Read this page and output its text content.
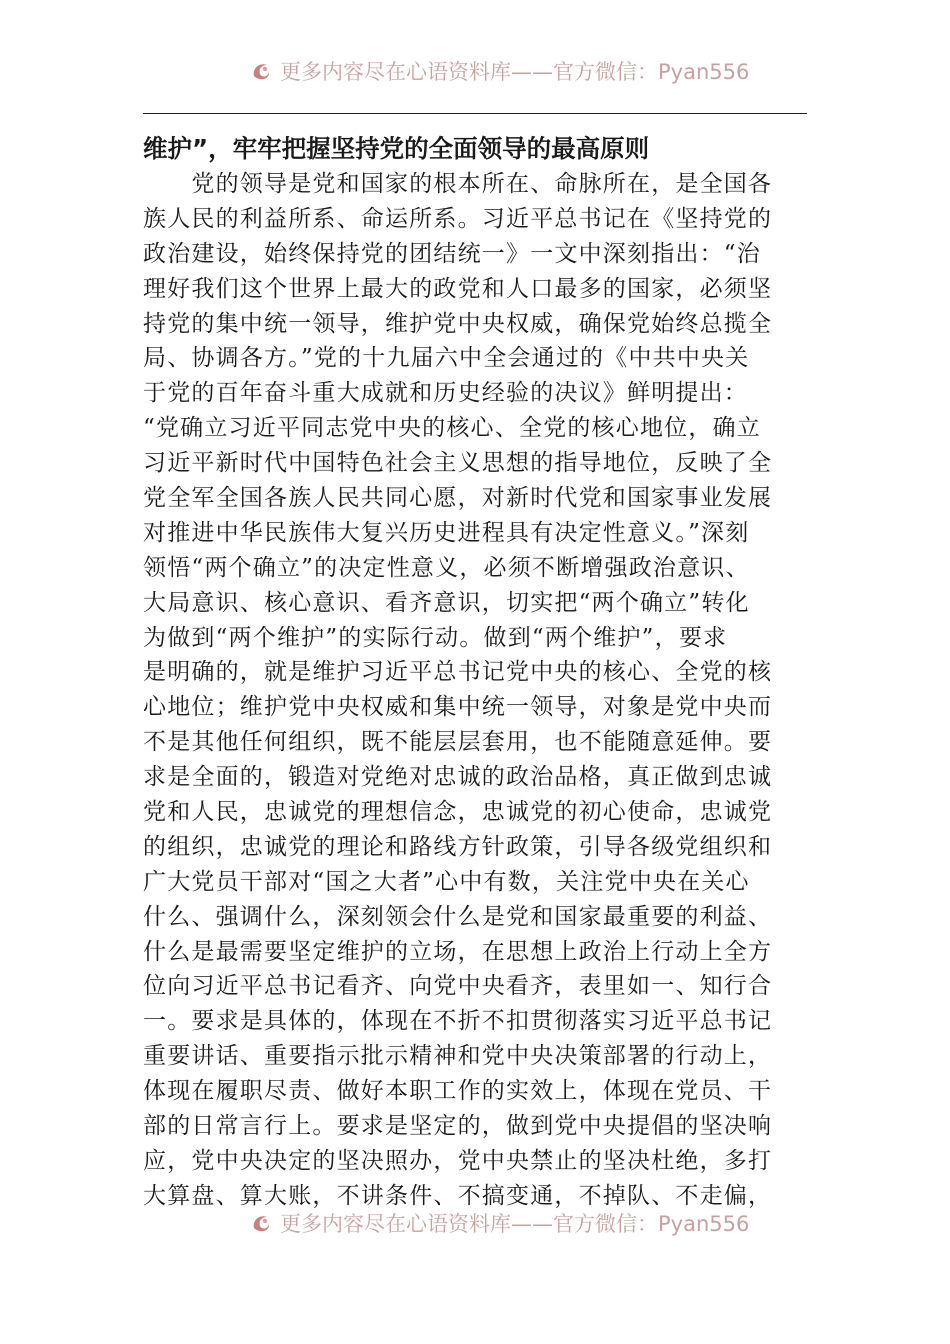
更多内容尽在心语资料库——官方微信：Pyan556
维护”，牢牢把握坚持党的全面领导的最高原则
　　党的领导是党和国家的根本所在、命脉所在，是全国各
族人民的利益所系、命运所系。习近平总书记在《坚持党的
政治建设，始终保持党的团结统一》一文中深刻指出：“治
理好我们这个世界上最大的政党和人口最多的国家，必须坚
持党的集中统一领导，维护党中央权威，确保党始终总揽全
局、协调各方。”党的十九届六中全会通过的《中共中央关
于党的百年奋斗重大成就和历史经验的决议》鲜明提出：
“党确立习近平同志党中央的核心、全党的核心地位，确立
习近平新时代中国特色社会主义思想的指导地位，反映了全
党全军全国各族人民共同心愿，对新时代党和国家事业发展
对推进中华民族伟大复兴历史进程具有决定性意义。”深刻
领悟“两个确立”的决定性意义，必须不断增强政治意识、
大局意识、核心意识、看齐意识，切实把“两个确立”转化
为做到“两个维护”的实际行动。做到“两个维护”，要求
是明确的，就是维护习近平总书记党中央的核心、全党的核
心地位；维护党中央权威和集中统一领导，对象是党中央而
不是其他任何组织，既不能层层套用，也不能随意延伸。要
求是全面的，锻造对党绝对忠诚的政治品格，真正做到忠诚
党和人民，忠诚党的理想信念，忠诚党的初心使命，忠诚党
的组织，忠诚党的理论和路线方针政策，引导各级党组织和
广大党员干部对“国之大者”心中有数，关注党中央在关心
什么、强调什么，深刻领会什么是党和国家最重要的利益、
什么是最需要坚定维护的立场，在思想上政治上行动上全方
位向习近平总书记看齐、向党中央看齐，表里如一、知行合
一。要求是具体的，体现在不折不扣贯彻落实习近平总书记
重要讲话、重要指示批示精神和党中央决策部署的行动上，
体现在履职尽责、做好本职工作的实效上，体现在党员、干
部的日常言行上。要求是坚定的，做到党中央提倡的坚决响
应，党中央决定的坚决照办，党中央禁止的坚决杜绝，多打
大算盘、算大账，不讲条件、不搞变通，不掉队、不走偏，
更多内容尽在心语资料库——官方微信：Pyan556
